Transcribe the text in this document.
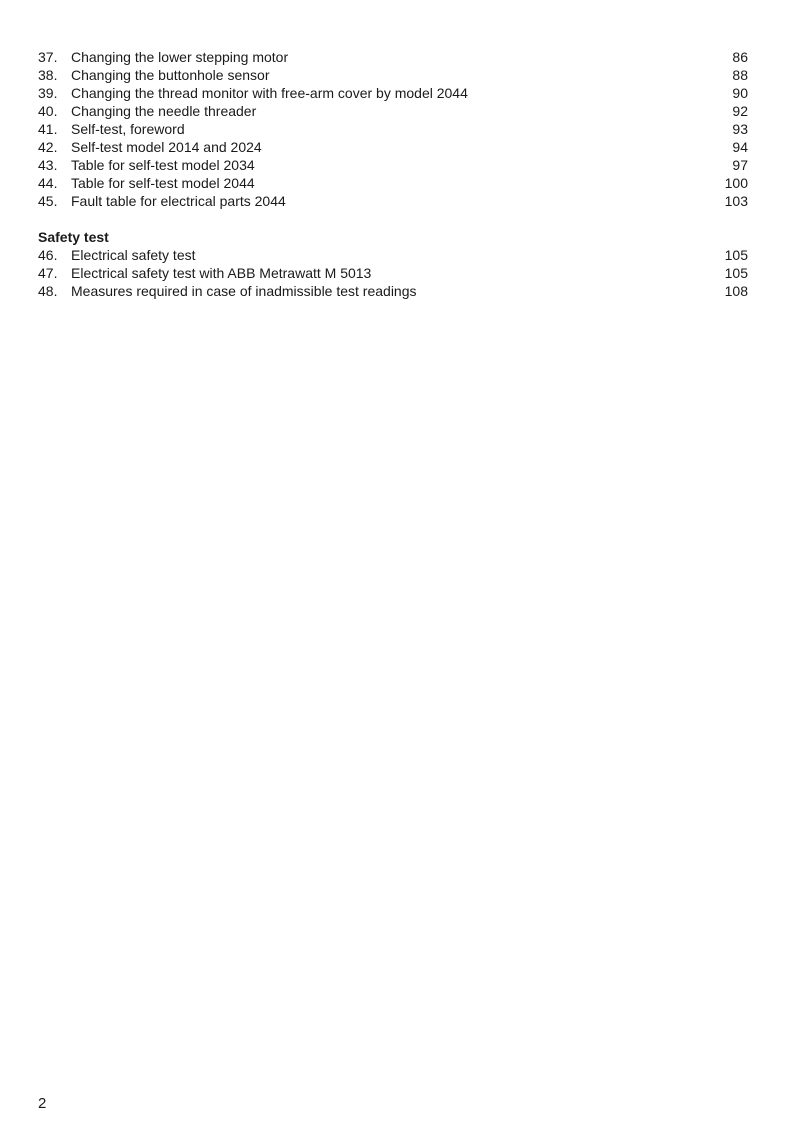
37. Changing the lower stepping motor	86
38. Changing the buttonhole sensor	88
39. Changing the thread monitor with free-arm cover by model 2044	90
40. Changing the needle threader	92
41. Self-test, foreword	93
42. Self-test model 2014 and 2024	94
43. Table for self-test model 2034	97
44. Table for self-test model 2044	100
45. Fault table for electrical parts 2044	103
Safety test
46. Electrical safety test	105
47. Electrical safety test with ABB Metrawatt M 5013	105
48. Measures required in case of inadmissible test readings	108
2
